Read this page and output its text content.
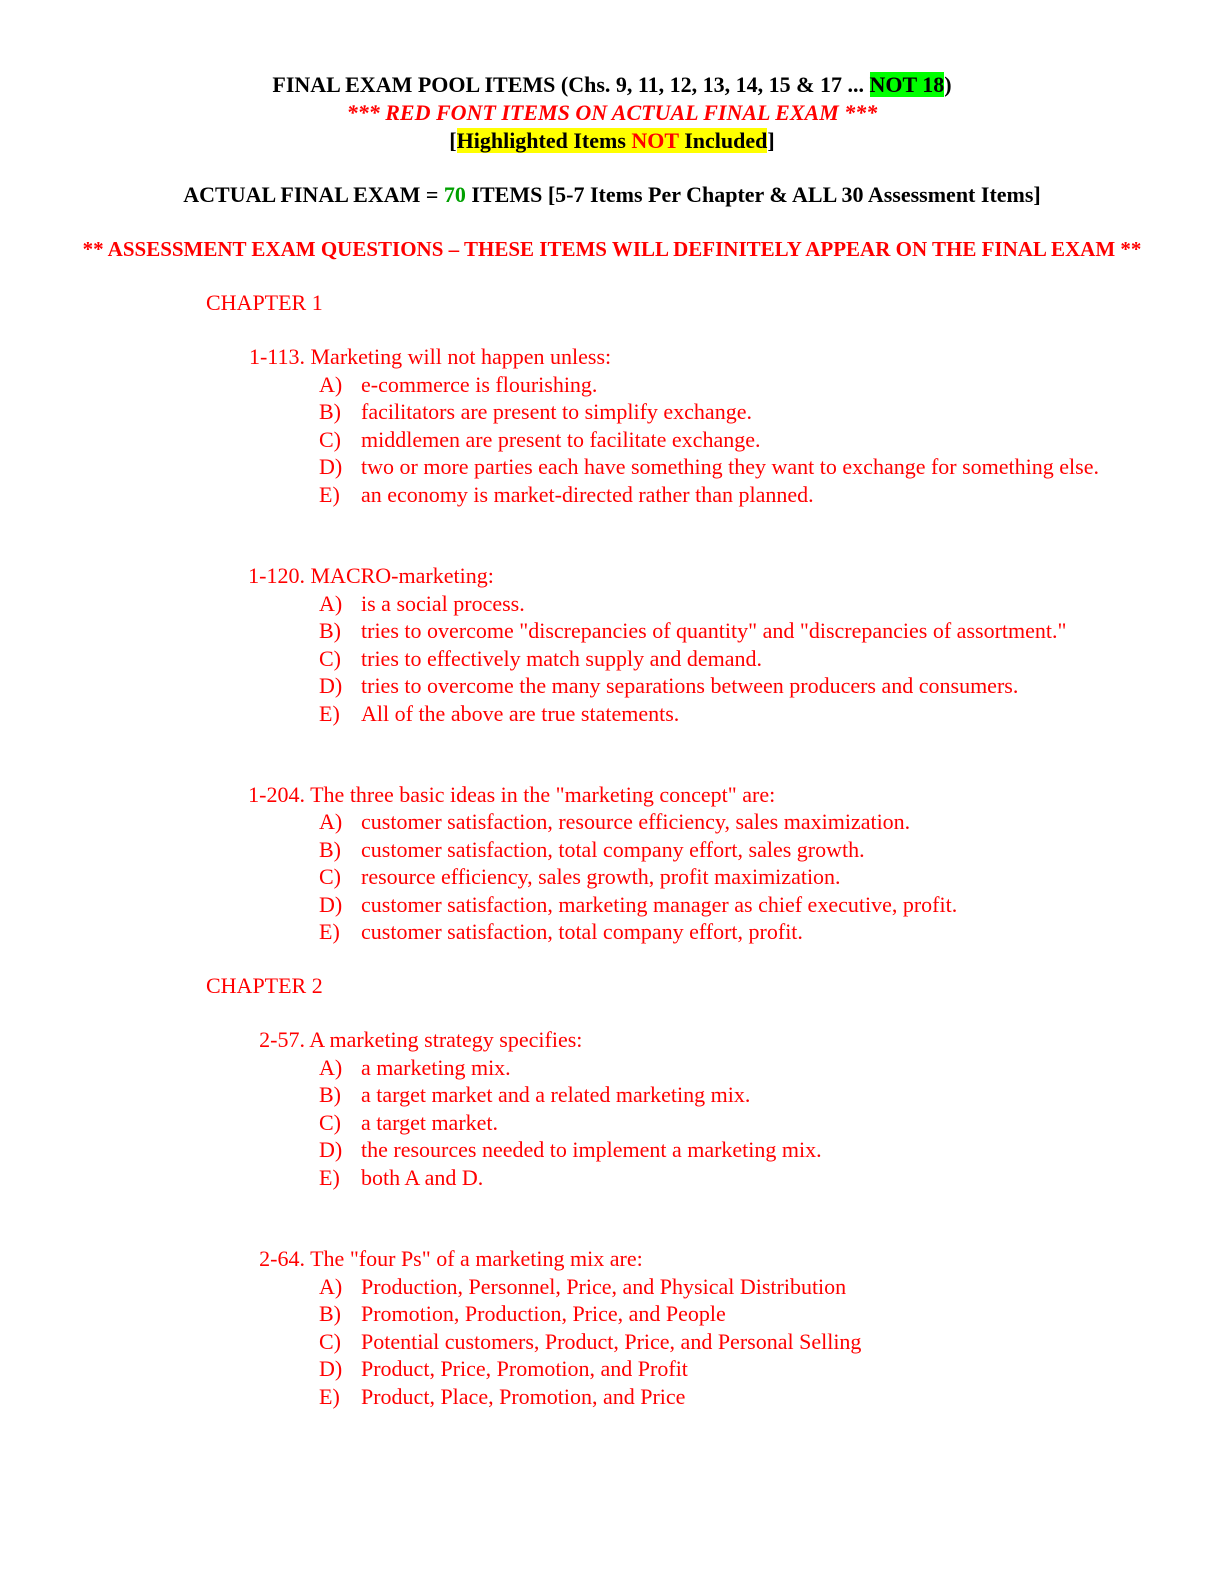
FINAL EXAM POOL ITEMS (Chs. 9, 11, 12, 13, 14, 15 & 17 ... NOT 18)
*** RED FONT ITEMS ON ACTUAL FINAL EXAM ***
[Highlighted Items NOT Included]
ACTUAL FINAL EXAM = 70 ITEMS [5-7 Items Per Chapter & ALL 30 Assessment Items]
** ASSESSMENT EXAM QUESTIONS – THESE ITEMS WILL DEFINITELY APPEAR ON THE FINAL EXAM **
CHAPTER 1
1-113. Marketing will not happen unless:
A) e-commerce is flourishing.
B) facilitators are present to simplify exchange.
C) middlemen are present to facilitate exchange.
D) two or more parties each have something they want to exchange for something else.
E) an economy is market-directed rather than planned.
1-120. MACRO-marketing:
A) is a social process.
B) tries to overcome "discrepancies of quantity" and "discrepancies of assortment."
C) tries to effectively match supply and demand.
D) tries to overcome the many separations between producers and consumers.
E) All of the above are true statements.
1-204. The three basic ideas in the "marketing concept" are:
A) customer satisfaction, resource efficiency, sales maximization.
B) customer satisfaction, total company effort, sales growth.
C) resource efficiency, sales growth, profit maximization.
D) customer satisfaction, marketing manager as chief executive, profit.
E) customer satisfaction, total company effort, profit.
CHAPTER 2
2-57. A marketing strategy specifies:
A) a marketing mix.
B) a target market and a related marketing mix.
C) a target market.
D) the resources needed to implement a marketing mix.
E) both A and D.
2-64. The "four Ps" of a marketing mix are:
A) Production, Personnel, Price, and Physical Distribution
B) Promotion, Production, Price, and People
C) Potential customers, Product, Price, and Personal Selling
D) Product, Price, Promotion, and Profit
E) Product, Place, Promotion, and Price
